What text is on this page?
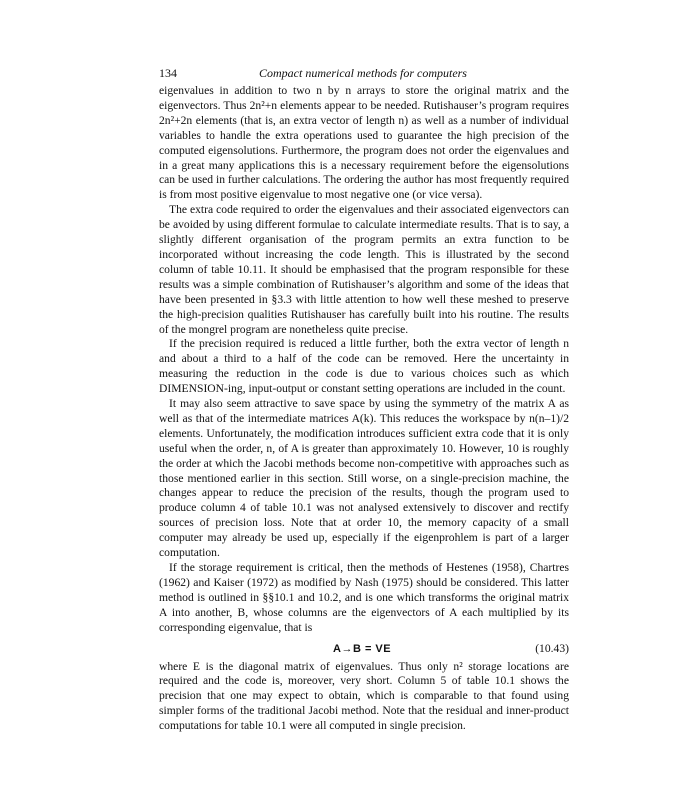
134	Compact numerical methods for computers

eigenvalues in addition to two n by n arrays to store the original matrix and the eigenvectors. Thus 2n²+n elements appear to be needed. Rutishauser’s program requires 2n²+2n elements (that is, an extra vector of length n) as well as a number of individual variables to handle the extra operations used to guarantee the high precision of the computed eigensolutions. Furthermore, the program does not order the eigenvalues and in a great many applications this is a necessary requirement before the eigensolutions can be used in further calculations. The ordering the author has most frequently required is from most positive eigenvalue to most negative one (or vice versa).

The extra code required to order the eigenvalues and their associated eigenvectors can be avoided by using different formulae to calculate intermediate results. That is to say, a slightly different organisation of the program permits an extra function to be incorporated without increasing the code length. This is illustrated by the second column of table 10.11. It should be emphasised that the program responsible for these results was a simple combination of Rutishauser’s algorithm and some of the ideas that have been presented in §3.3 with little attention to how well these meshed to preserve the high-precision qualities Rutishauser has carefully built into his routine. The results of the mongrel program are nonetheless quite precise.

If the precision required is reduced a little further, both the extra vector of length n and about a third to a half of the code can be removed. Here the uncertainty in measuring the reduction in the code is due to various choices such as which DIMENSION-ing, input-output or constant setting operations are included in the count.

It may also seem attractive to save space by using the symmetry of the matrix A as well as that of the intermediate matrices A(k). This reduces the workspace by n(n–1)/2 elements. Unfortunately, the modification introduces sufficient extra code that it is only useful when the order, n, of A is greater than approximately 10. However, 10 is roughly the order at which the Jacobi methods become non-competitive with approaches such as those mentioned earlier in this section. Still worse, on a single-precision machine, the changes appear to reduce the precision of the results, though the program used to produce column 4 of table 10.1 was not analysed extensively to discover and rectify sources of precision loss. Note that at order 10, the memory capacity of a small computer may already be used up, especially if the eigenprohlem is part of a larger computation.

If the storage requirement is critical, then the methods of Hestenes (1958), Chartres (1962) and Kaiser (1972) as modified by Nash (1975) should be considered. This latter method is outlined in §§10.1 and 10.2, and is one which transforms the original matrix A into another, B, whose columns are the eigenvectors of A each multiplied by its corresponding eigenvalue, that is

A→B = VE	(10.43)

where E is the diagonal matrix of eigenvalues. Thus only n² storage locations are required and the code is, moreover, very short. Column 5 of table 10.1 shows the precision that one may expect to obtain, which is comparable to that found using simpler forms of the traditional Jacobi method. Note that the residual and inner-product computations for table 10.1 were all computed in single precision.
